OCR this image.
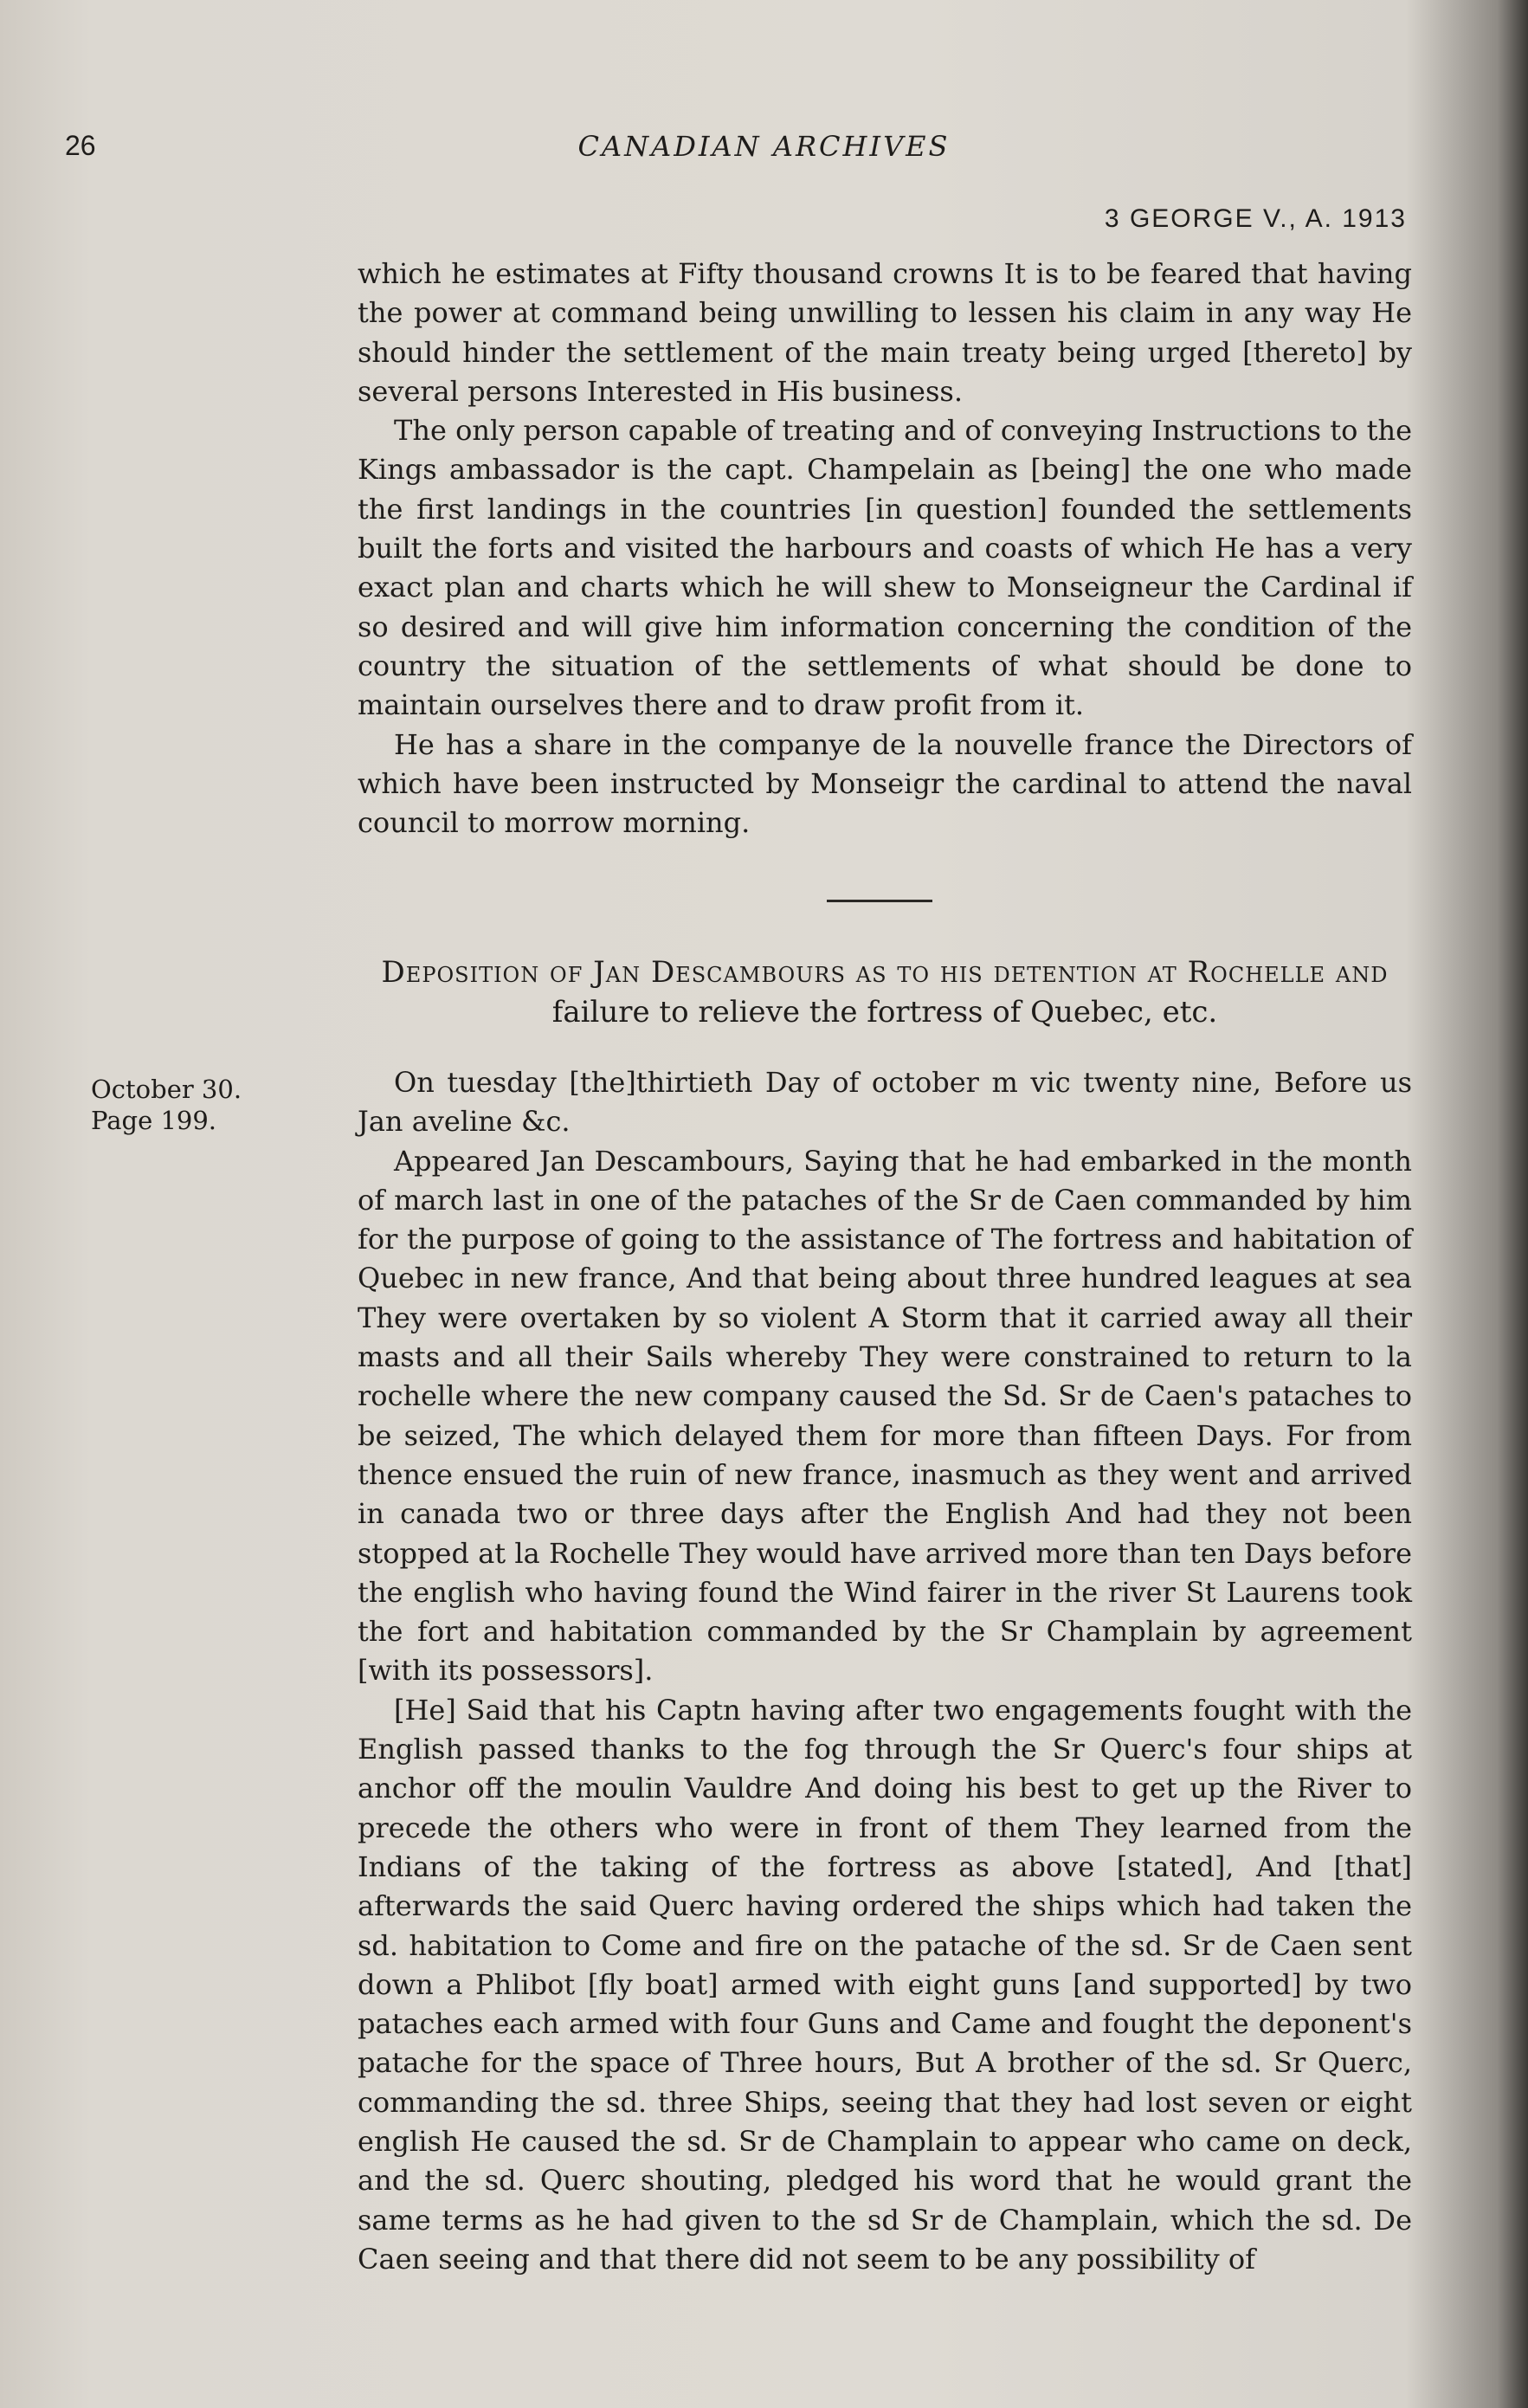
26	CANADIAN ARCHIVES
3 GEORGE V., A. 1913

which he estimates at Fifty thousand crowns It is to be feared that having the power at command being unwilling to lessen his claim in any way He should hinder the settlement of the main treaty being urged [thereto] by several persons Interested in His business.

The only person capable of treating and of conveying Instructions to the Kings ambassador is the capt. Champelain as [being] the one who made the first landings in the countries [in question] founded the settlements built the forts and visited the harbours and coasts of which He has a very exact plan and charts which he will shew to Monseigneur the Cardinal if so desired and will give him information concerning the condition of the country the situation of the settlements of what should be done to maintain ourselves there and to draw profit from it.

He has a share in the companye de la nouvelle france the Directors of which have been instructed by Monseigr the cardinal to attend the naval council to morrow morning.

Deposition of Jan Descambours as to his detention at Rochelle and
failure to relieve the fortress of Quebec, etc.
October 30.
Page 199.

On tuesday [the]thirtieth Day of october m vic twenty nine, Before us Jan aveline &c.

Appeared Jan Descambours, Saying that he had embarked in the month of march last in one of the pataches of the Sr de Caen commanded by him for the purpose of going to the assistance of The fortress and habitation of Quebec in new france, And that being about three hundred leagues at sea They were overtaken by so violent A Storm that it carried away all their masts and all their Sails whereby They were constrained to return to la rochelle where the new company caused the Sd. Sr de Caen's pataches to be seized, The which delayed them for more than fifteen Days. For from thence ensued the ruin of new france, inasmuch as they went and arrived in canada two or three days after the English And had they not been stopped at la Rochelle They would have arrived more than ten Days before the english who having found the Wind fairer in the river St Laurens took the fort and habitation commanded by the Sr Champlain by agreement [with its possessors].

[He] Said that his Captn having after two engagements fought with the English passed thanks to the fog through the Sr Querc's four ships at anchor off the moulin Vauldre And doing his best to get up the River to precede the others who were in front of them They learned from the Indians of the taking of the fortress as above [stated], And [that] afterwards the said Querc having ordered the ships which had taken the sd. habitation to Come and fire on the patache of the sd. Sr de Caen sent down a Phlibot [fly boat] armed with eight guns [and supported] by two pataches each armed with four Guns and Came and fought the deponent's patache for the space of Three hours, But A brother of the sd. Sr Querc, commanding the sd. three Ships, seeing that they had lost seven or eight english He caused the sd. Sr de Champlain to appear who came on deck, and the sd. Querc shouting, pledged his word that he would grant the same terms as he had given to the sd Sr de Champlain, which the sd. De Caen seeing and that there did not seem to be any possibility of
